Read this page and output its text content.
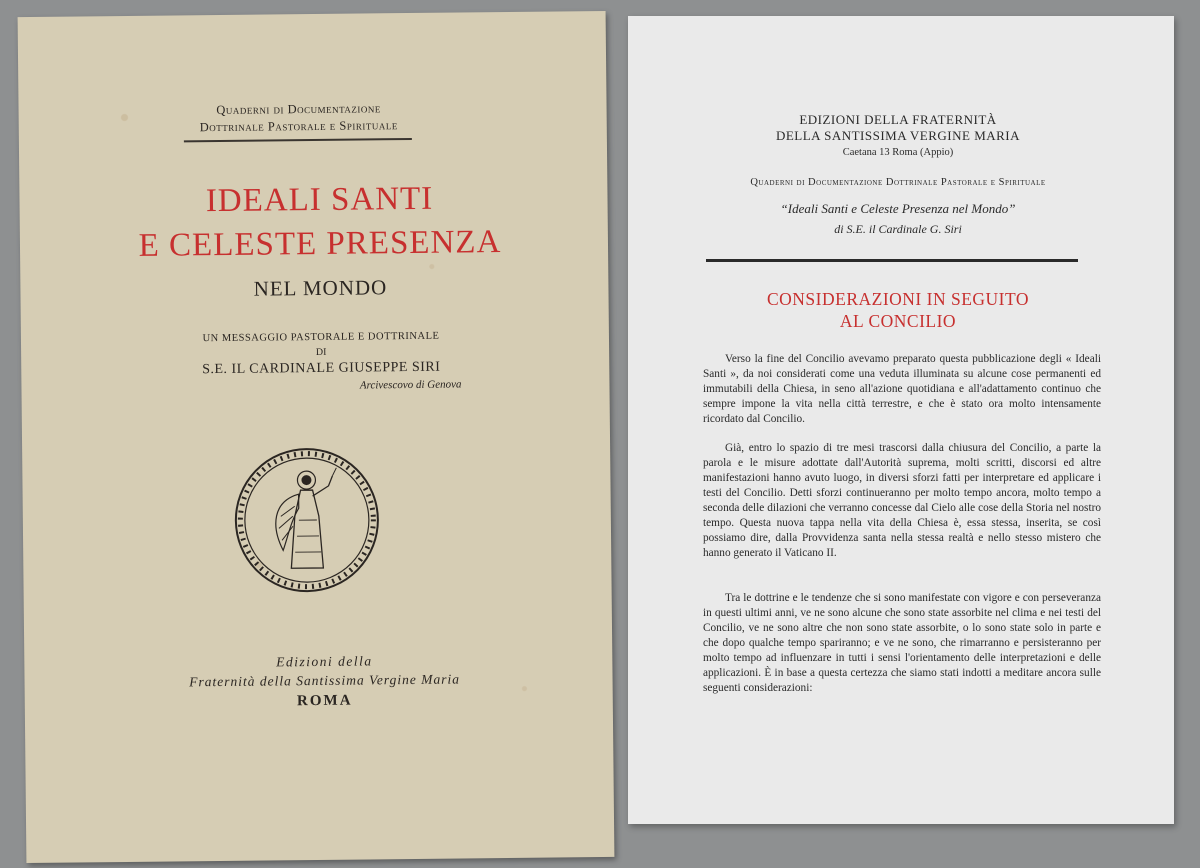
Quaderni di Documentazione
Dottrinale Pastorale e Spirituale
IDEALI SANTI
E CELESTE PRESENZA
NEL MONDO
UN MESSAGGIO PASTORALE E DOTTRINALE
DI
S.E. IL CARDINALE GIUSEPPE SIRI
Arcivescovo di Genova
Edizioni della
Fraternità della Santissima Vergine Maria
ROMA
EDIZIONI DELLA FRATERNITÀ
DELLA SANTISSIMA VERGINE MARIA
Caetana 13 Roma (Appio)
Quaderni di Documentazione Dottrinale Pastorale e Spirituale
“Ideali Santi e Celeste Presenza nel Mondo”
di S.E. il Cardinale G. Siri
CONSIDERAZIONI IN SEGUITO
AL CONCILIO

Verso la fine del Concilio avevamo preparato questa pubblicazione degli « Ideali Santi », da noi considerati come una veduta illuminata su alcune cose permanenti ed immutabili della Chiesa, in seno all'azione quotidiana e all'adattamento continuo che sempre impone la vita nella città terrestre, e che è stato ora molto intensamente ricordato dal Concilio.

Già, entro lo spazio di tre mesi trascorsi dalla chiusura del Concilio, a parte la parola e le misure adottate dall'Autorità suprema, molti scritti, discorsi ed altre manifestazioni hanno avuto luogo, in diversi sforzi fatti per interpretare ed applicare i testi del Concilio. Detti sforzi continueranno per molto tempo ancora, molto tempo a seconda delle dilazioni che verranno concesse dal Cielo alle cose della Storia nel nostro tempo. Questa nuova tappa nella vita della Chiesa è, essa stessa, inserita, se così possiamo dire, dalla Provvidenza santa nella stessa realtà e nello stesso mistero che hanno generato il Vaticano II.

Tra le dottrine e le tendenze che si sono manifestate con vigore e con perseveranza in questi ultimi anni, ve ne sono alcune che sono state assorbite nel clima e nei testi del Concilio, ve ne sono altre che non sono state assorbite, o lo sono state solo in parte e che dopo qualche tempo spariranno; e ve ne sono, che rimarranno e persisteranno per molto tempo ad influenzare in tutti i sensi l'orientamento delle interpretazioni e delle applicazioni. È in base a questa certezza che siamo stati indotti a meditare ancora sulle seguenti considerazioni:
